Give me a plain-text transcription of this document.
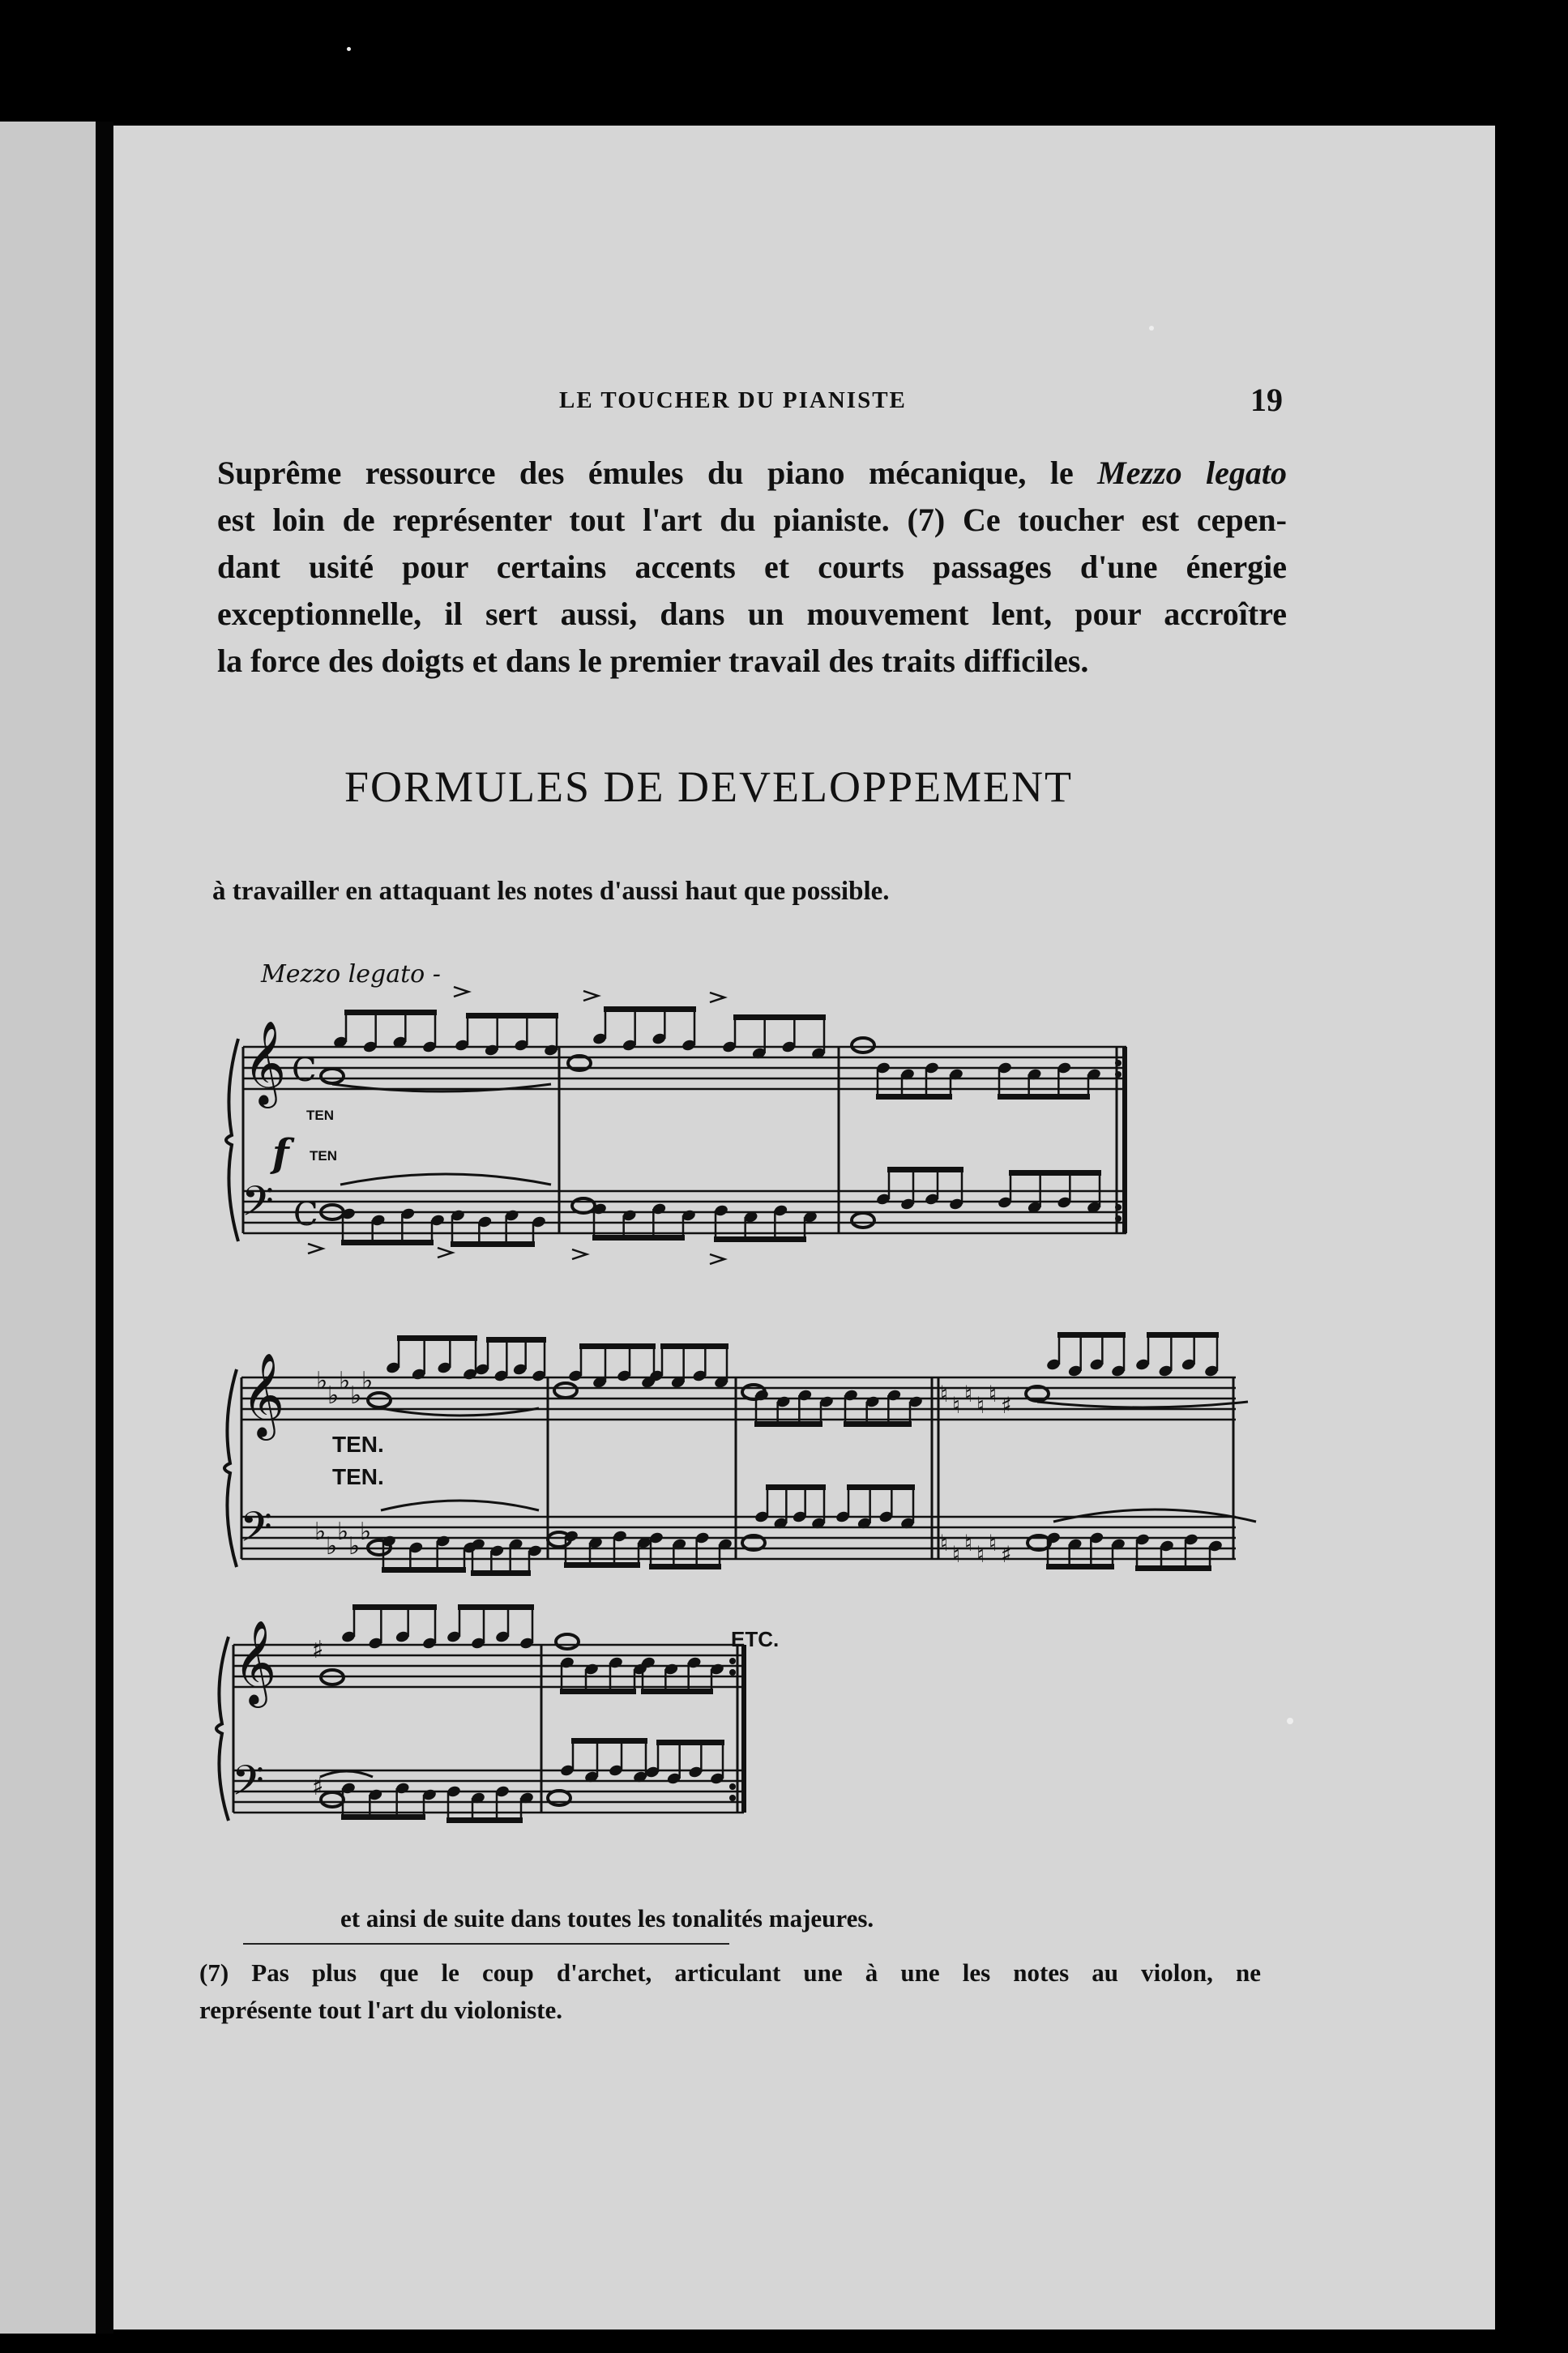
LE TOUCHER DU PIANISTE	19
Suprême ressource des émules du piano mécanique, le Mezzo legato
est loin de représenter tout l'art du pianiste. (7) Ce toucher est cepen-
dant usité pour certains accents et courts passages d'une énergie
exceptionnelle, il sert aussi, dans un mouvement lent, pour accroître
la force des doigts et dans le premier travail des traits difficiles.
FORMULES DE DEVELOPPEMENT
à travailler en attaquant les notes d'aussi haut que possible.
𝄞
𝄢
C
C
𝄞
𝄢
♭
♭
♭
♭
♭
♭
♭
♭
♭
♭
♮
♮
♮
♮
♮
♮
♮
♮
♮
♮
♯
♯
𝄞
𝄢
♯
♯
Mezzo legato -
f
TEN
TEN
TEN.
TEN.
ETC.
et ainsi de suite dans toutes les tonalités majeures.
(7) Pas plus que le coup d'archet, articulant une à une les notes au violon, ne
représente tout l'art du violoniste.
